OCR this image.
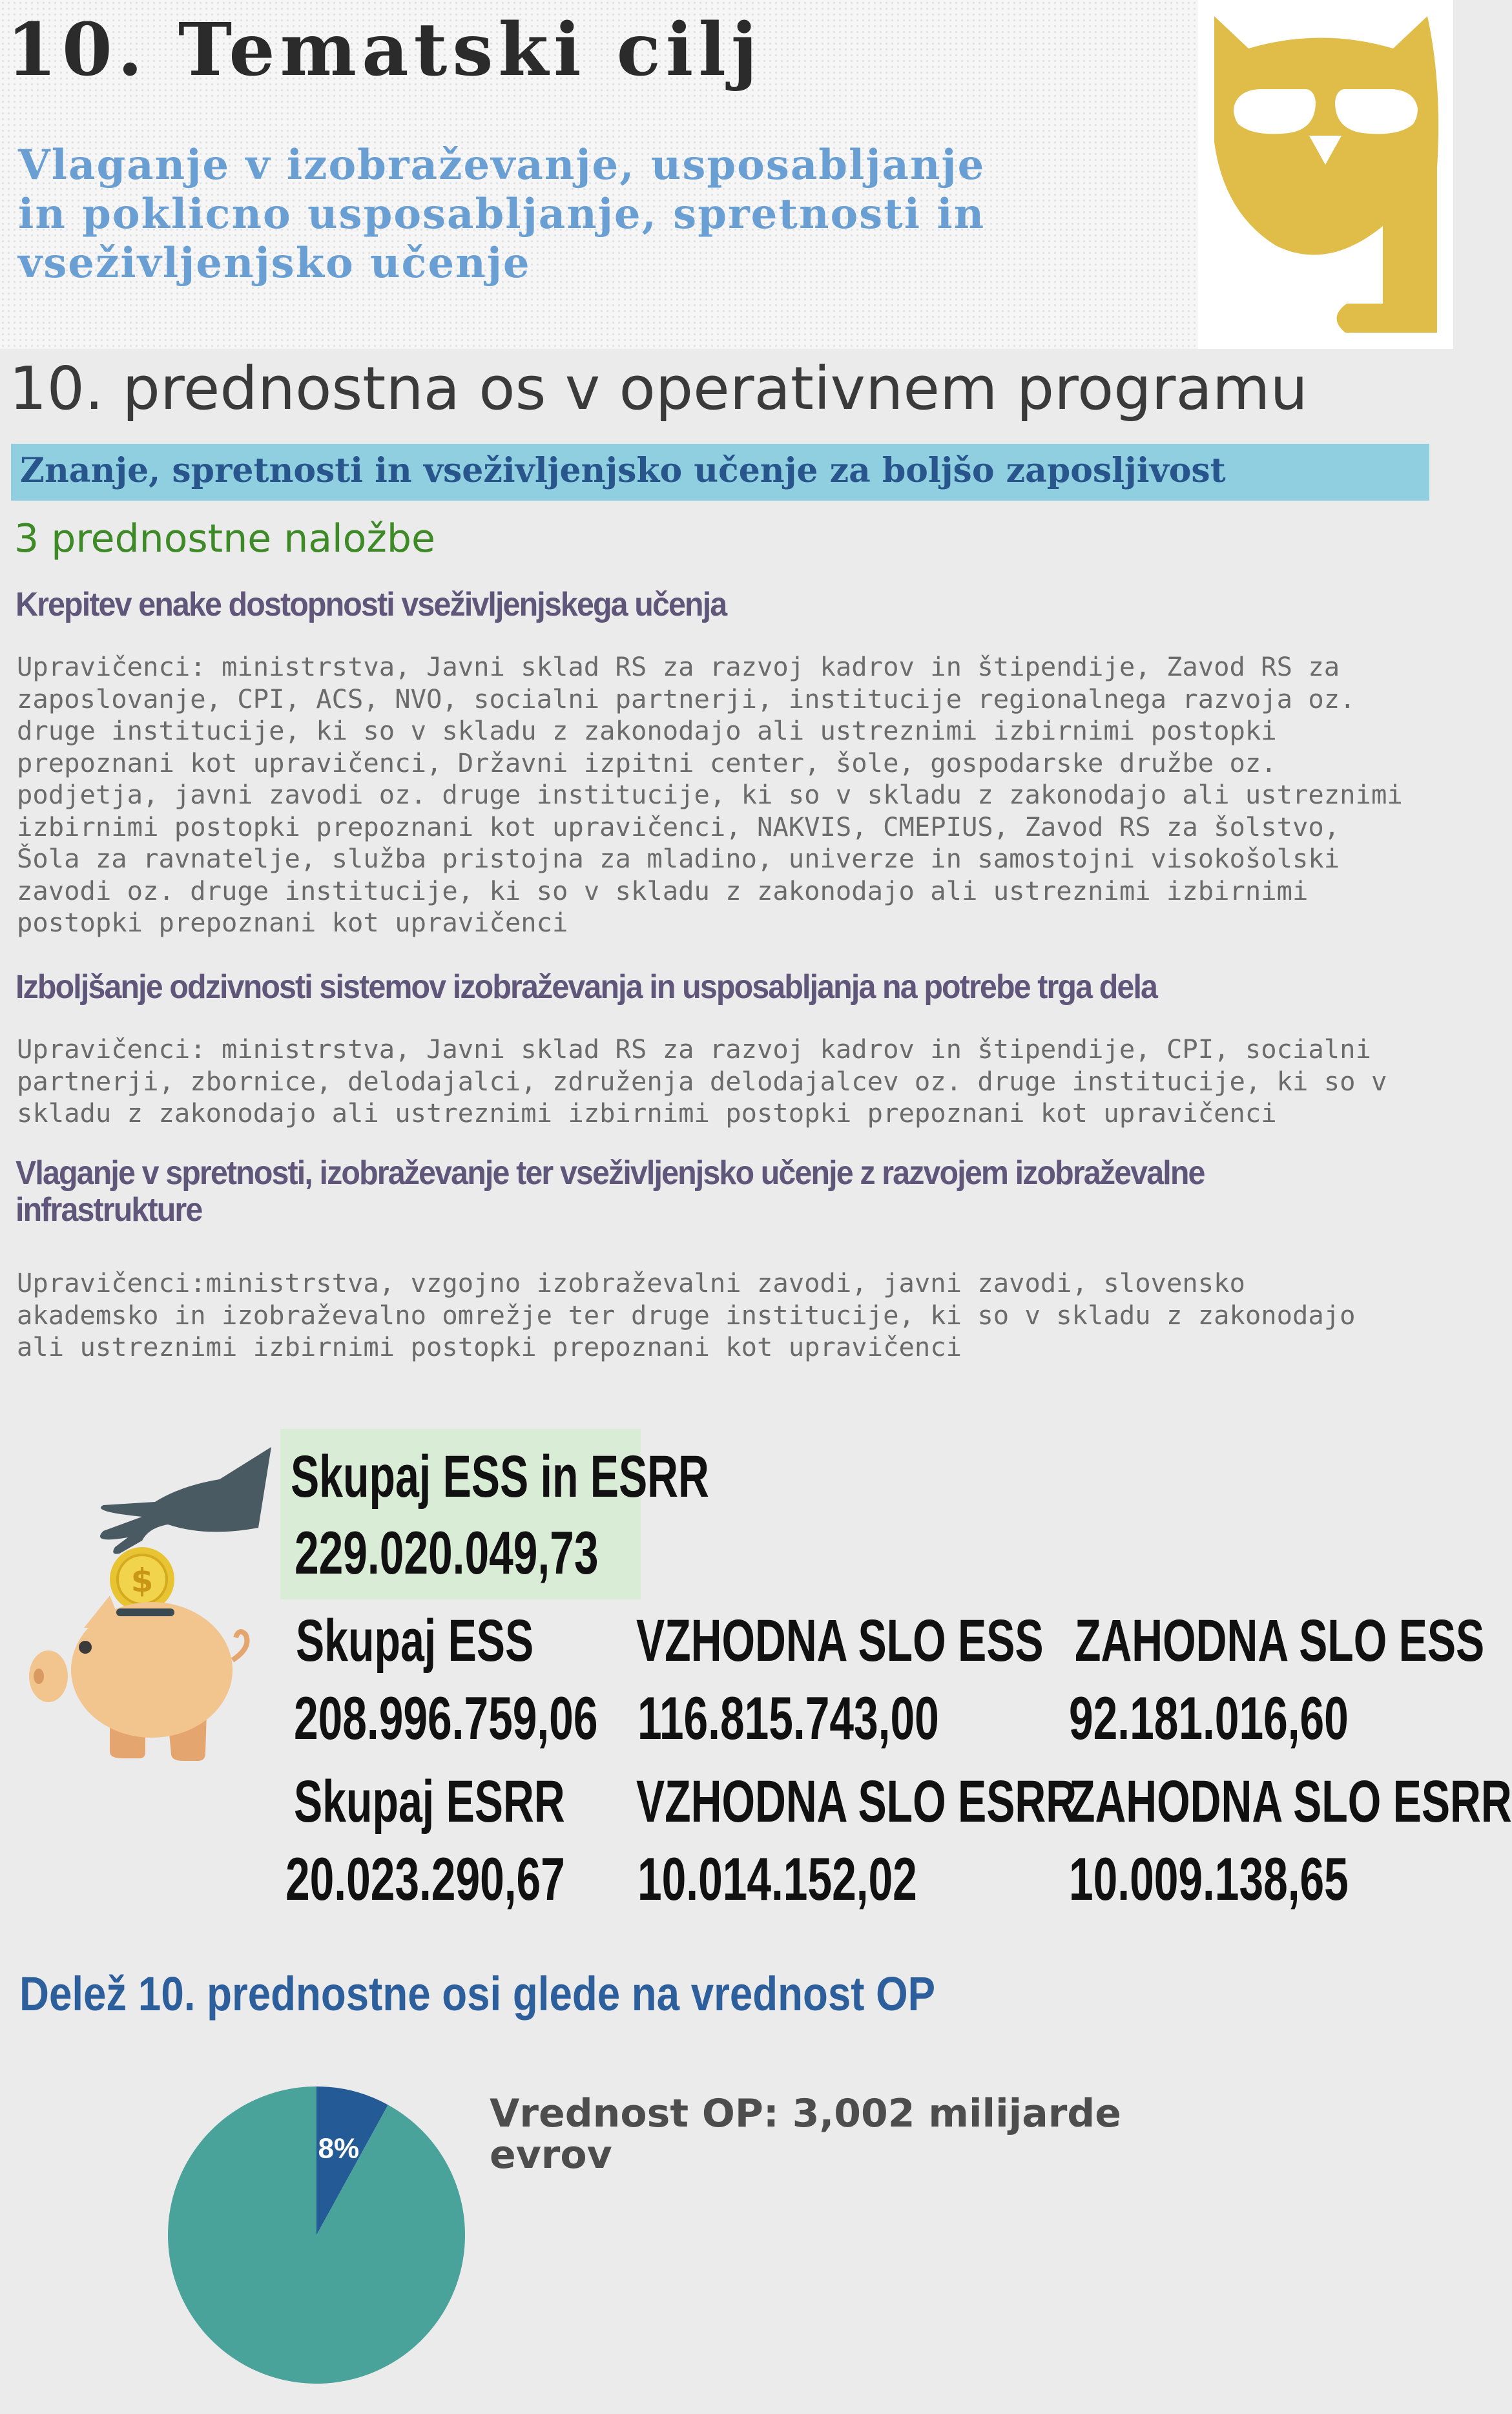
10. Tematski cilj
Vlaganje v izobraževanje, usposabljanje
in poklicno usposabljanje, spretnosti in
vseživljenjsko učenje
10. prednostna os v operativnem programu
Znanje, spretnosti in vseživljenjsko učenje za boljšo zaposljivost
3 prednostne naložbe
Krepitev enake dostopnosti vseživljenjskega učenja
Upravičenci: ministrstva, Javni sklad RS za razvoj kadrov in štipendije, Zavod RS za
zaposlovanje, CPI, ACS, NVO, socialni partnerji, institucije regionalnega razvoja oz.
druge institucije, ki so v skladu z zakonodajo ali ustreznimi izbirnimi postopki
prepoznani kot upravičenci, Državni izpitni center, šole, gospodarske družbe oz.
podjetja, javni zavodi oz. druge institucije, ki so v skladu z zakonodajo ali ustreznimi
izbirnimi postopki prepoznani kot upravičenci, NAKVIS, CMEPIUS, Zavod RS za šolstvo,
Šola za ravnatelje, služba pristojna za mladino, univerze in samostojni visokošolski
zavodi oz. druge institucije, ki so v skladu z zakonodajo ali ustreznimi izbirnimi
postopki prepoznani kot upravičenci
Izboljšanje odzivnosti sistemov izobraževanja in usposabljanja na potrebe trga dela
Upravičenci: ministrstva, Javni sklad RS za razvoj kadrov in štipendije, CPI, socialni
partnerji, zbornice, delodajalci, združenja delodajalcev oz. druge institucije, ki so v
skladu z zakonodajo ali ustreznimi izbirnimi postopki prepoznani kot upravičenci
Vlaganje v spretnosti, izobraževanje ter vseživljenjsko učenje z razvojem izobraževalne
infrastrukture
Upravičenci:ministrstva, vzgojno izobraževalni zavodi, javni zavodi, slovensko
akademsko in izobraževalno omrežje ter druge institucije, ki so v skladu z zakonodajo
ali ustreznimi izbirnimi postopki prepoznani kot upravičenci
$
Skupaj ESS in ESRR
229.020.049,73
Skupaj ESS
208.996.759,06
VZHODNA SLO ESS
116.815.743,00
ZAHODNA SLO ESS
92.181.016,60
Skupaj ESRR
20.023.290,67
VZHODNA SLO ESRR
10.014.152,02
ZAHODNA SLO ESRR
10.009.138,65
Delež 10. prednostne osi glede na vrednost OP
8%
Vrednost OP: 3,002 milijarde
evrov
